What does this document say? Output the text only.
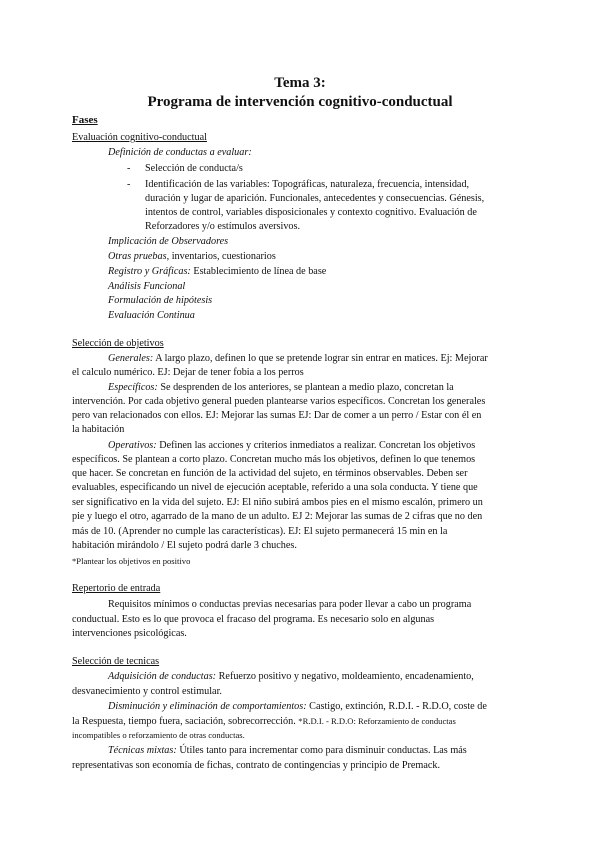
Tema 3:
Programa de intervención cognitivo-conductual
Fases
Evaluación cognitivo-conductual
Definición de conductas a evaluar:
- Selección de conducta/s
- Identificación de las variables: Topográficas, naturaleza, frecuencia, intensidad,
duración y lugar de aparición. Funcionales, antecedentes y consecuencias. Génesis,
intentos de control, variables disposicionales y contexto cognitivo. Evaluación de
Reforzadores y/o estímulos aversivos.
Implicación de Observadores
Otras pruebas, inventarios, cuestionarios
Registro y Gráficas: Establecimiento de línea de base
Análisis Funcional
Formulación de hipótesis
Evaluación Continua
Selección de objetivos
Generales: A largo plazo, definen lo que se pretende lograr sin entrar en matices. Ej: Mejorar
el calculo numérico. EJ: Dejar de tener fobia a los perros
Específicos: Se desprenden de los anteriores, se plantean a medio plazo, concretan la
intervención. Por cada objetivo general pueden plantearse varios específicos. Concretan los generales
pero van relacionados con ellos. EJ: Mejorar las sumas EJ: Dar de comer a un perro / Estar con él en
la habitación
Operativos: Definen las acciones y criterios inmediatos a realizar. Concretan los objetivos
específicos. Se plantean a corto plazo. Concretan mucho más los objetivos, definen lo que tenemos
que hacer. Se concretan en función de la actividad del sujeto, en términos observables. Deben ser
evaluables, especificando un nivel de ejecución aceptable, referido a una sola conducta. Y tiene que
ser significativo en la vida del sujeto. EJ: El niño subirá ambos pies en el mismo escalón, primero un
pie y luego el otro, agarrado de la mano de un adulto. EJ 2: Mejorar las sumas de 2 cifras que no den
más de 10. (Aprender no cumple las características). EJ: El sujeto permanecerá 15 min en la
habitación mirándolo / El sujeto podrá darle 3 chuches.
*Plantear los objetivos en positivo
Repertorio de entrada
Requisitos mínimos o conductas previas necesarias para poder llevar a cabo un programa
conductual. Esto es lo que provoca el fracaso del programa. Es necesario solo en algunas
intervenciones psicológicas.
Selección de tecnicas
Adquisición de conductas: Refuerzo positivo y negativo, moldeamiento, encadenamiento,
desvanecimiento y control estimular.
Disminución y eliminación de comportamientos: Castigo, extinción, R.D.I. - R.D.O, coste de
la Respuesta, tiempo fuera, saciación, sobrecorrección. *R.D.I. - R.D.O: Reforzamiento de conductas
incompatibles o reforzamiento de otras conductas.
Técnicas mixtas: Útiles tanto para incrementar como para disminuir conductas. Las más
representativas son economía de fichas, contrato de contingencias y principio de Premack.
